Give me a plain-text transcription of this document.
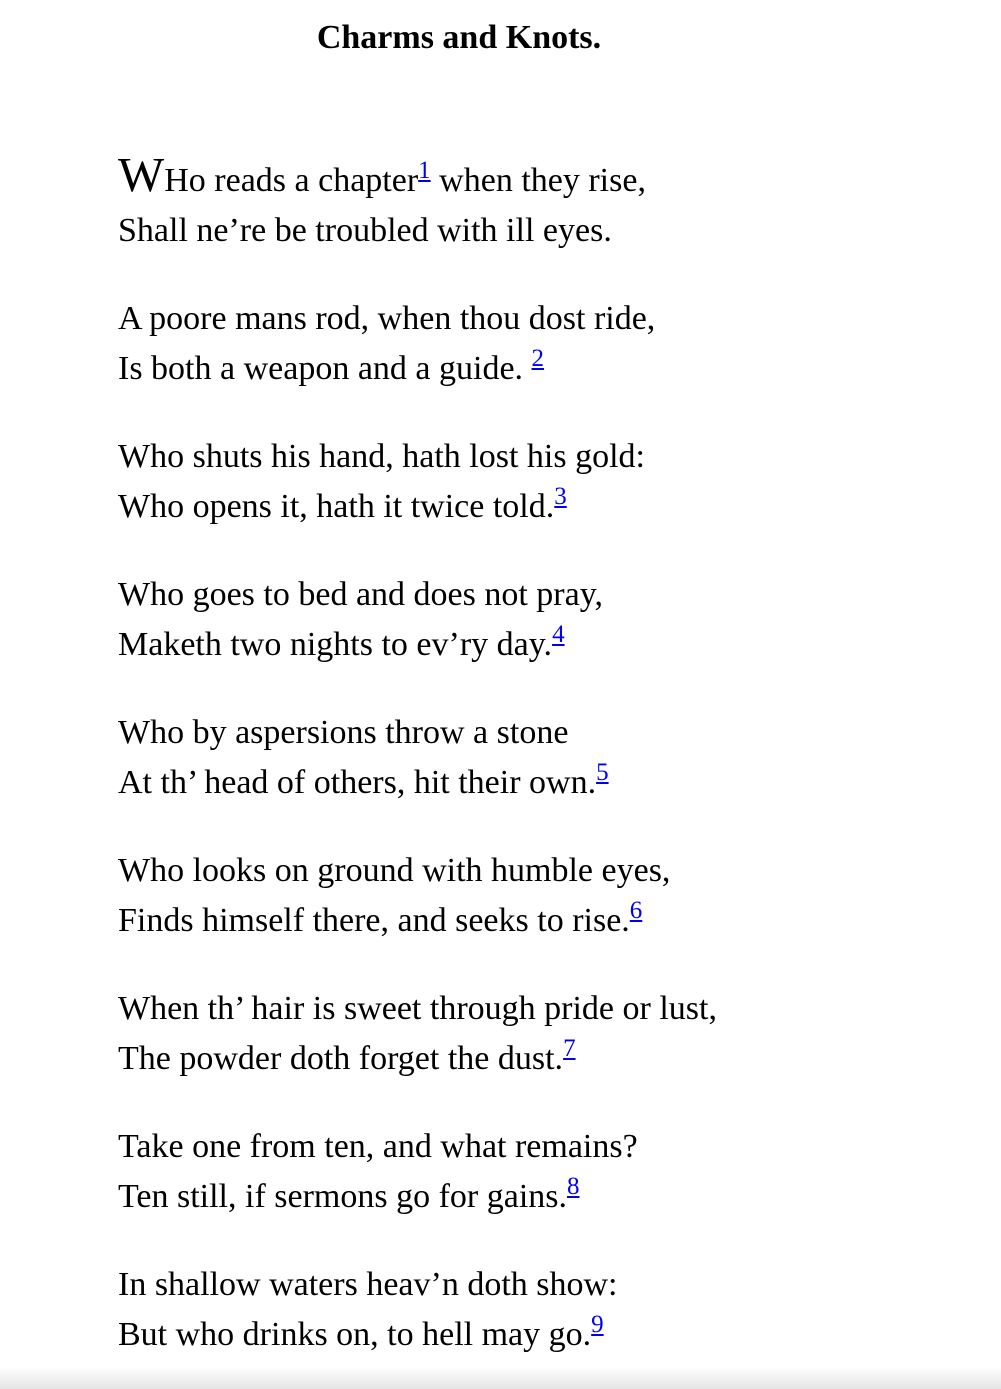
Charms and Knots.
WHo reads a chapter$^1$ when they rise,
Shall ne’re be troubled with ill eyes.
A poore mans rod, when thou dost ride,
Is both a weapon and a guide. $^2$
Who shuts his hand, hath lost his gold:
Who opens it, hath it twice told.$^3$
Who goes to bed and does not pray,
Maketh two nights to ev’ry day.$^4$
Who by aspersions throw a stone
At th’ head of others, hit their own.$^5$
Who looks on ground with humble eyes,
Finds himself there, and seeks to rise.$^6$
When th’ hair is sweet through pride or lust,
The powder doth forget the dust.$^7$
Take one from ten, and what remains?
Ten still, if sermons go for gains.$^8$
In shallow waters heav’n doth show:
But who drinks on, to hell may go.$^9$
